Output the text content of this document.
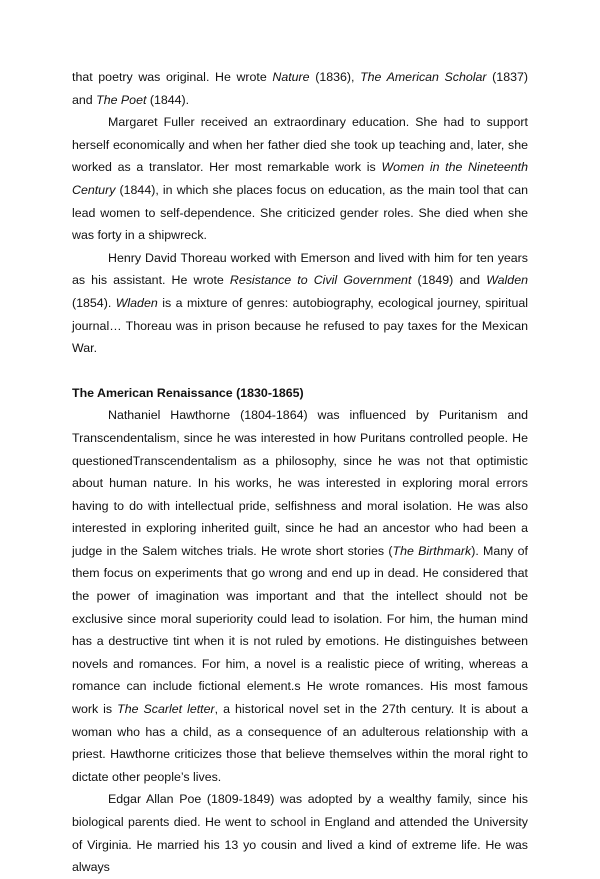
that poetry was original. He wrote Nature (1836), The American Scholar (1837) and The Poet (1844).

Margaret Fuller received an extraordinary education. She had to support herself economically and when her father died she took up teaching and, later, she worked as a translator. Her most remarkable work is Women in the Nineteenth Century (1844), in which she places focus on education, as the main tool that can lead women to self-dependence. She criticized gender roles. She died when she was forty in a shipwreck.

Henry David Thoreau worked with Emerson and lived with him for ten years as his assistant. He wrote Resistance to Civil Government (1849) and Walden (1854). Wladen is a mixture of genres: autobiography, ecological journey, spiritual journal… Thoreau was in prison because he refused to pay taxes for the Mexican War.

The American Renaissance (1830-1865)

Nathaniel Hawthorne (1804-1864) was influenced by Puritanism and Transcendentalism, since he was interested in how Puritans controlled people. He questionedTranscendentalism as a philosophy, since he was not that optimistic about human nature. In his works, he was interested in exploring moral errors having to do with intellectual pride, selfishness and moral isolation. He was also interested in exploring inherited guilt, since he had an ancestor who had been a judge in the Salem witches trials. He wrote short stories (The Birthmark). Many of them focus on experiments that go wrong and end up in dead. He considered that the power of imagination was important and that the intellect should not be exclusive since moral superiority could lead to isolation. For him, the human mind has a destructive tint when it is not ruled by emotions. He distinguishes between novels and romances. For him, a novel is a realistic piece of writing, whereas a romance can include fictional element.s He wrote romances. His most famous work is The Scarlet letter, a historical novel set in the 27th century. It is about a woman who has a child, as a consequence of an adulterous relationship with a priest. Hawthorne criticizes those that believe themselves within the moral right to dictate other people’s lives.

Edgar Allan Poe (1809-1849) was adopted by a wealthy family, since his biological parents died. He went to school in England and attended the University of Virginia. He married his 13 yo cousin and lived a kind of extreme life. He was always
